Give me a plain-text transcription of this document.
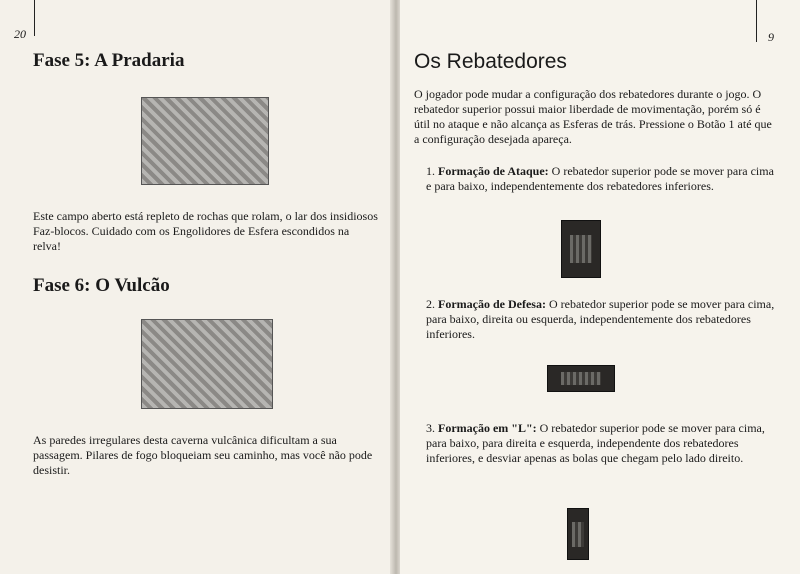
20
Fase 5: A Pradaria

Este campo aberto está repleto de rochas que rolam, o lar dos insidiosos Faz-blocos. Cuidado com os Engolidores de Esfera escondidos na relva!

Fase 6: O Vulcão

As paredes irregulares desta caverna vulcânica dificultam a sua passagem. Pilares de fogo bloqueiam seu caminho, mas você não pode desistir.

9
Os Rebatedores

O jogador pode mudar a configuração dos rebatedores durante o jogo. O rebatedor superior possui maior liberdade de movimentação, porém só é útil no ataque e não alcança as Esferas de trás. Pressione o Botão 1 até que a configuração desejada apareça.

1. Formação de Ataque: O rebatedor superior pode se mover para cima e para baixo, independentemente dos rebatedores inferiores.

2. Formação de Defesa: O rebatedor superior pode se mover para cima, para baixo, direita ou esquerda, independentemente dos rebatedores inferiores.

3. Formação em "L": O rebatedor superior pode se mover para cima, para baixo, para direita e esquerda, independente dos rebatedores inferiores, e desviar apenas as bolas que chegam pelo lado direito.
